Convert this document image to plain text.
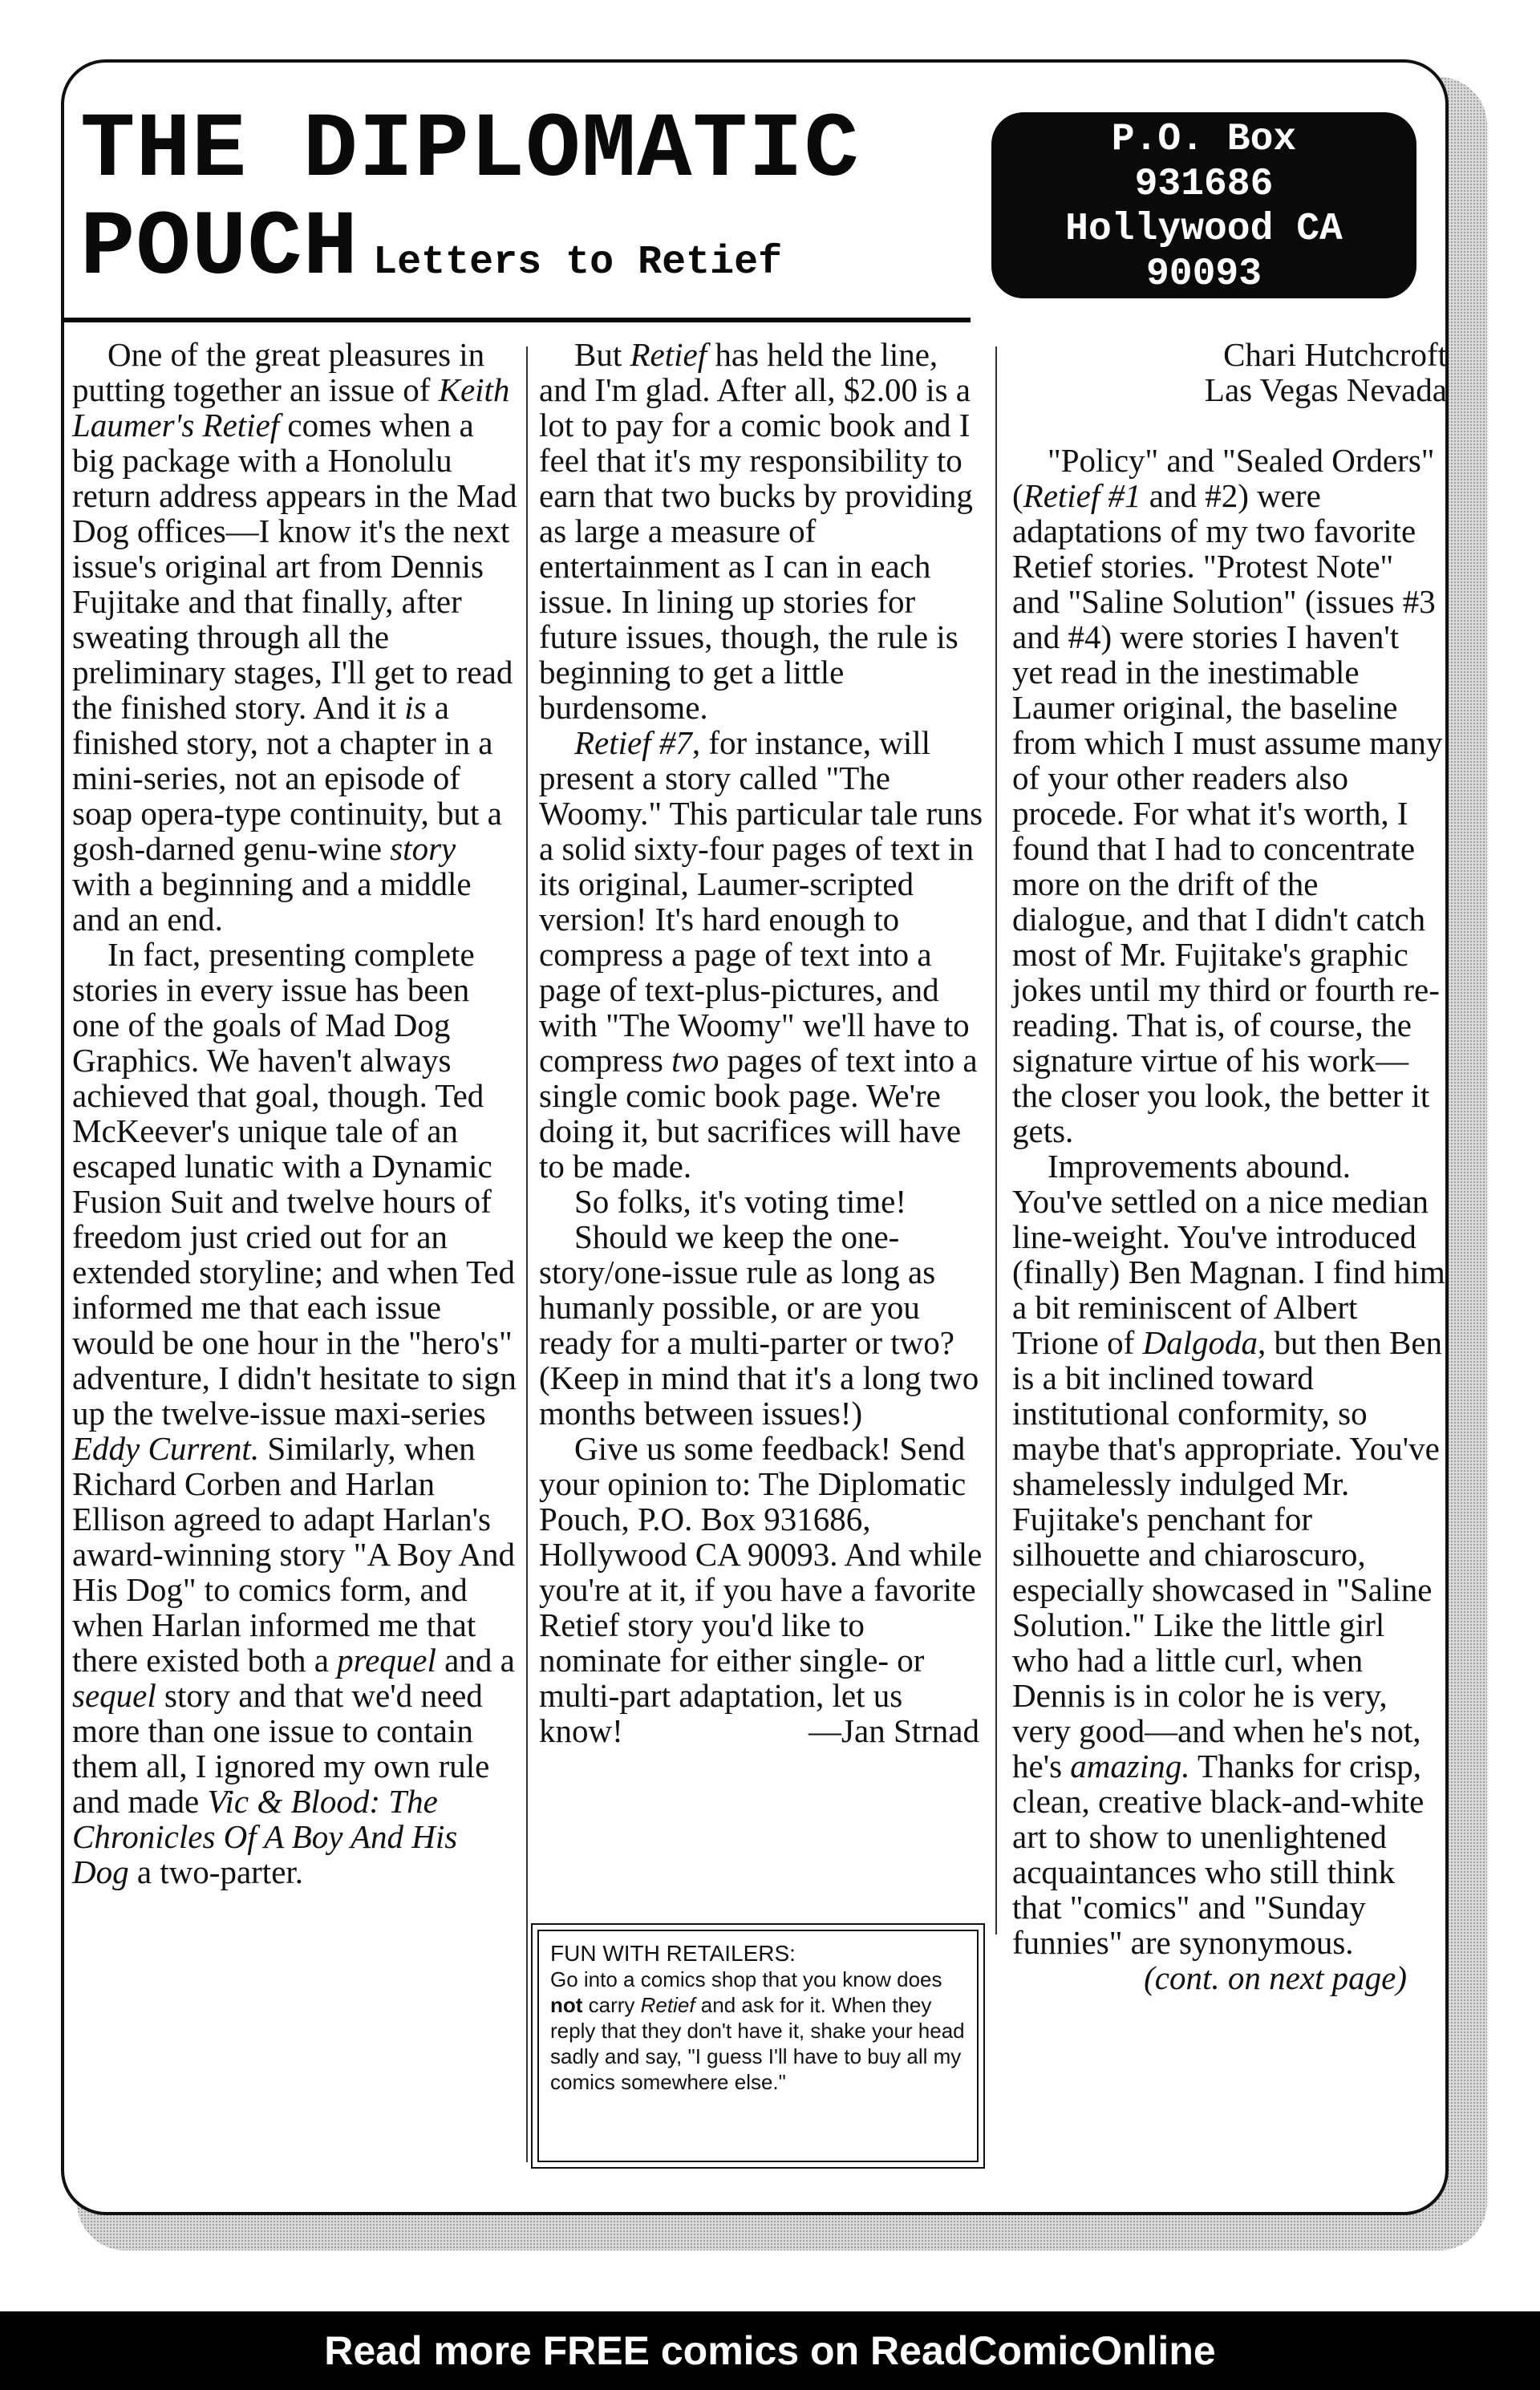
THE DIPLOMATIC
POUCH Letters to Retief
P.O. Box
931686
Hollywood CA
90093

One of the great pleasures in putting together an issue of Keith Laumer's Retief comes when a big package with a Honolulu return address appears in the Mad Dog offices—I know it's the next issue's original art from Dennis Fujitake and that finally, after sweating through all the preliminary stages, I'll get to read the finished story. And it is a finished story, not a chapter in a mini-series, not an episode of soap opera-type continuity, but a gosh-darned genu-wine story with a beginning and a middle and an end.

In fact, presenting complete stories in every issue has been one of the goals of Mad Dog Graphics. We haven't always achieved that goal, though. Ted McKeever's unique tale of an escaped lunatic with a Dynamic Fusion Suit and twelve hours of freedom just cried out for an extended storyline; and when Ted informed me that each issue would be one hour in the "hero's" adventure, I didn't hesitate to sign up the twelve-issue maxi-series Eddy Current. Similarly, when Richard Corben and Harlan Ellison agreed to adapt Harlan's award-winning story "A Boy And His Dog" to comics form, and when Harlan informed me that there existed both a prequel and a sequel story and that we'd need more than one issue to contain them all, I ignored my own rule and made Vic & Blood: The Chronicles Of A Boy And His Dog a two-parter.

But Retief has held the line, and I'm glad. After all, $2.00 is a lot to pay for a comic book and I feel that it's my responsibility to earn that two bucks by providing as large a measure of entertainment as I can in each issue. In lining up stories for future issues, though, the rule is beginning to get a little burdensome.

Retief #7, for instance, will present a story called "The Woomy." This particular tale runs a solid sixty-four pages of text in its original, Laumer-scripted version! It's hard enough to compress a page of text into a page of text-plus-pictures, and with "The Woomy" we'll have to compress two pages of text into a single comic book page. We're doing it, but sacrifices will have to be made.

So folks, it's voting time!

Should we keep the one-story/one-issue rule as long as humanly possible, or are you ready for a multi-parter or two? (Keep in mind that it's a long two months between issues!)

Give us some feedback! Send your opinion to: The Diplomatic Pouch, P.O. Box 931686, Hollywood CA 90093. And while you're at it, if you have a favorite Retief story you'd like to nominate for either single- or multi-part adaptation, let us

know!	—Jan Strnad
FUN WITH RETAILERS:
Go into a comics shop that you know does not carry Retief and ask for it. When they reply that they don't have it, shake your head sadly and say, "I guess I'll have to buy all my comics somewhere else."
Chari Hutchcroft
Las Vegas Nevada

"Policy" and "Sealed Orders" (Retief #1 and #2) were adaptations of my two favorite Retief stories. "Protest Note" and "Saline Solution" (issues #3 and #4) were stories I haven't yet read in the inestimable Laumer original, the baseline from which I must assume many of your other readers also procede. For what it's worth, I found that I had to concentrate more on the drift of the dialogue, and that I didn't catch most of Mr. Fujitake's graphic jokes until my third or fourth re-reading. That is, of course, the signature virtue of his work—the closer you look, the better it gets.

Improvements abound. You've settled on a nice median line-weight. You've introduced (finally) Ben Magnan. I find him a bit reminiscent of Albert Trione of Dalgoda, but then Ben is a bit inclined toward institutional conformity, so maybe that's appropriate. You've shamelessly indulged Mr. Fujitake's penchant for silhouette and chiaroscuro, especially showcased in "Saline Solution." Like the little girl who had a little curl, when Dennis is in color he is very, very good—and when he's not, he's amazing. Thanks for crisp, clean, creative black-and-white art to show to unenlightened acquaintances who still think that "comics" and "Sunday funnies" are synonymous.

(cont. on next page)
Read more FREE comics on ReadComicOnline
